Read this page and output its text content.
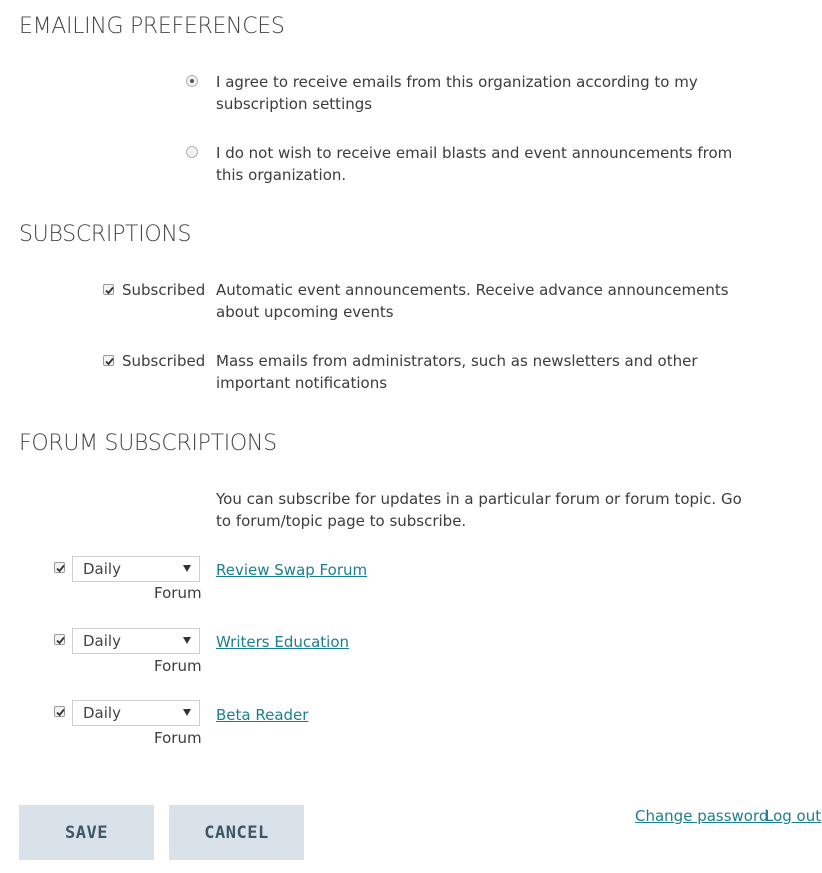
EMAILING PREFERENCES
I agree to receive emails from this organization according to my subscription settings
I do not wish to receive email blasts and event announcements from this organization.
SUBSCRIPTIONS
Subscribed Automatic event announcements. Receive advance announcements about upcoming events
Subscribed Mass emails from administrators, such as newsletters and other important notifications
FORUM SUBSCRIPTIONS
You can subscribe for updates in a particular forum or forum topic. Go to forum/topic page to subscribe.
Daily
Forum
Review Swap Forum
Daily
Forum
Writers Education
Daily
Forum
Beta Reader
SAVE	CANCEL
Change password
Log out
